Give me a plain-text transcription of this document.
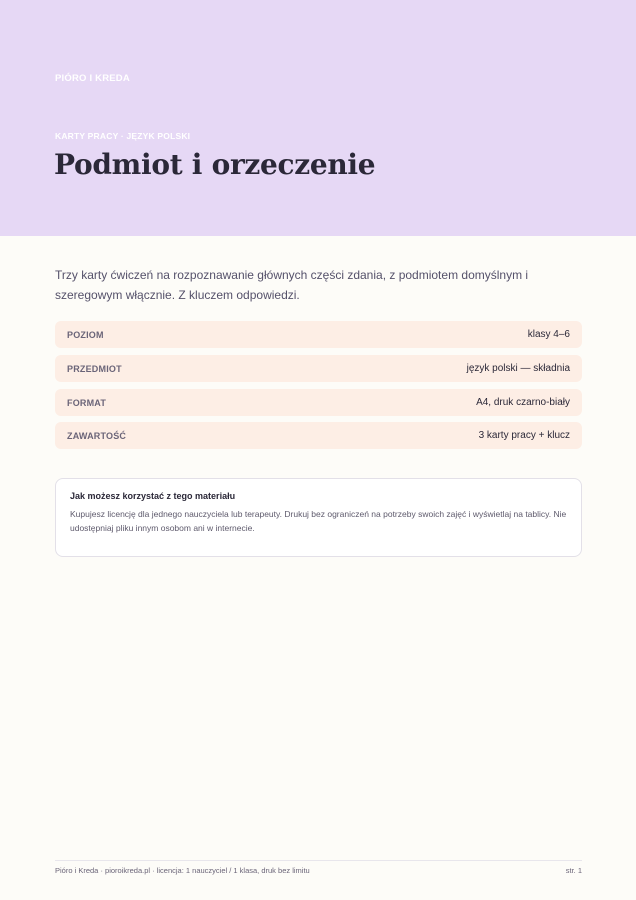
PIÓRO I KREDA
KARTY PRACY · JĘZYK POLSKI
Podmiot i orzeczenie

Trzy karty ćwiczeń na rozpoznawanie głównych części zdania, z podmiotem domyślnym i szeregowym włącznie. Z kluczem odpowiedzi.

POZIOM	klasy 4–6
PRZEDMIOT	język polski — składnia
FORMAT	A4, druk czarno-biały
ZAWARTOŚĆ	3 karty pracy + klucz
Jak możesz korzystać z tego materiału
Kupujesz licencję dla jednego nauczyciela lub terapeuty. Drukuj bez ograniczeń na potrzeby swoich zajęć i wyświetlaj na tablicy. Nie udostępniaj pliku innym osobom ani w internecie.
Pióro i Kreda · pioroikreda.pl · licencja: 1 nauczyciel / 1 klasa, druk bez limitu	str. 1
